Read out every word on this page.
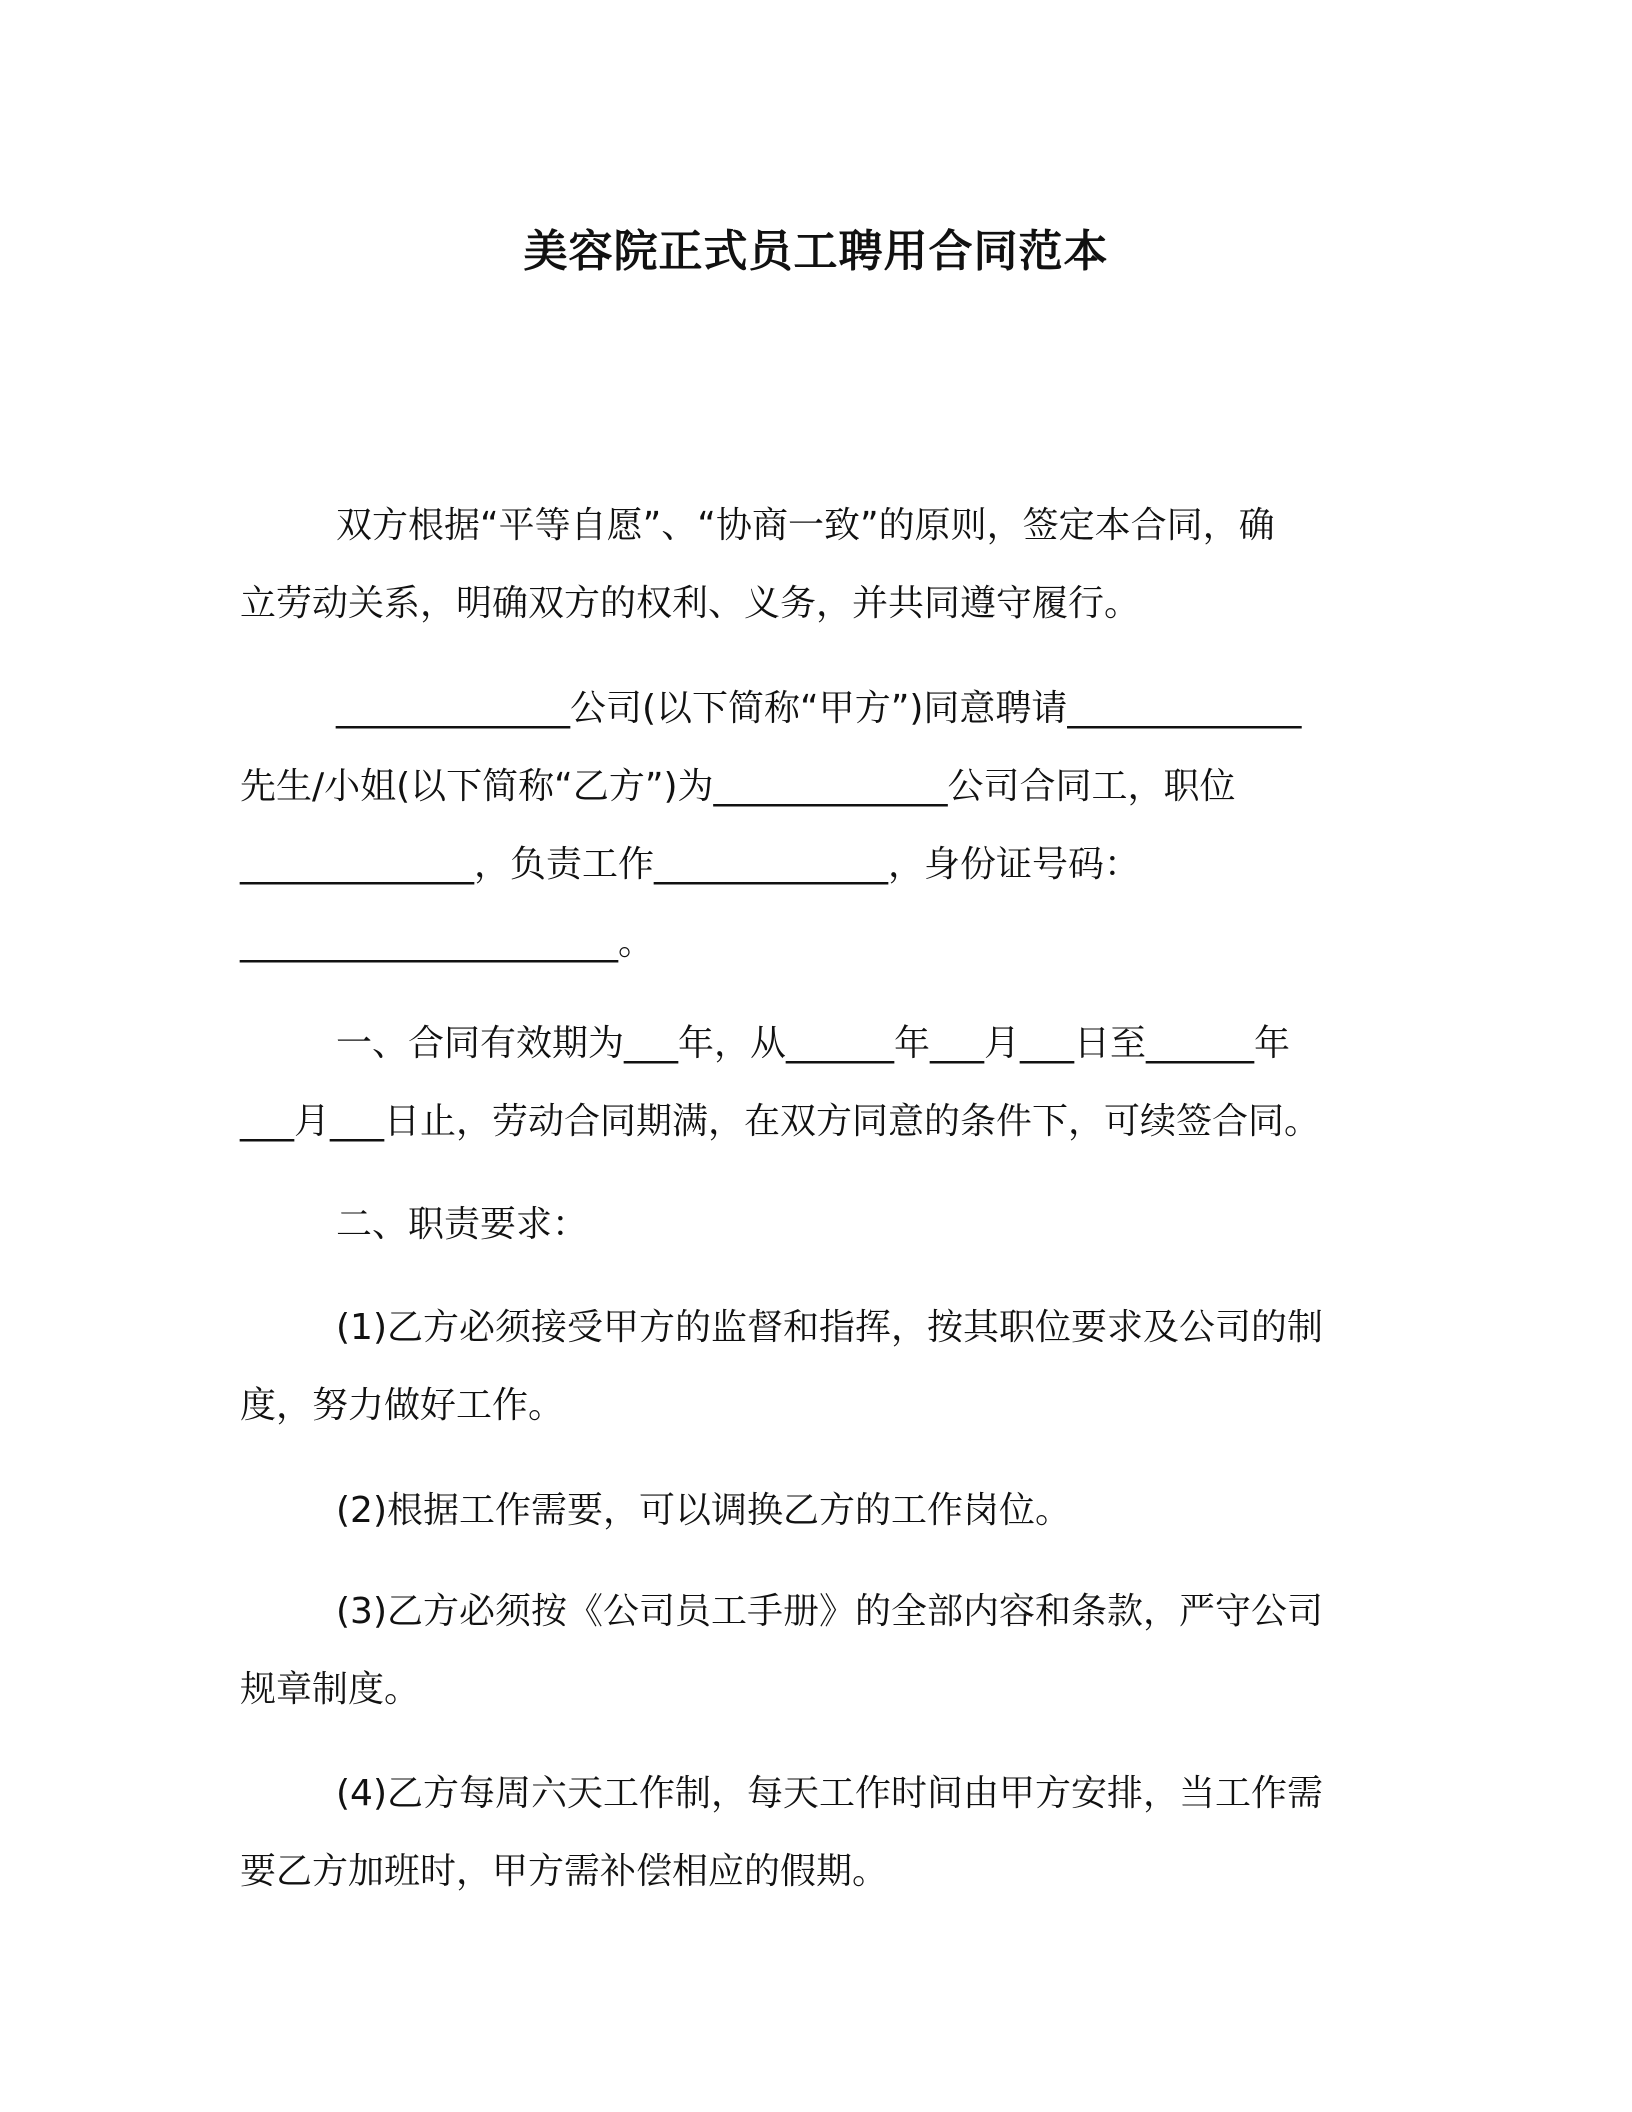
美容院正式员工聘用合同范本
双方根据“平等自愿”、“协商一致”的原则，签定本合同，确
立劳动关系，明确双方的权利、义务，并共同遵守履行。
_____________公司(以下简称“甲方”)同意聘请_____________
先生/小姐(以下简称“乙方”)为_____________公司合同工，职位
_____________，负责工作_____________，身份证号码：
_____________________。
一、合同有效期为___年，从______年___月___日至______年
___月___日止，劳动合同期满，在双方同意的条件下，可续签合同。
二、职责要求：
(1)乙方必须接受甲方的监督和指挥，按其职位要求及公司的制
度，努力做好工作。
(2)根据工作需要，可以调换乙方的工作岗位。
(3)乙方必须按《公司员工手册》的全部内容和条款，严守公司
规章制度。
(4)乙方每周六天工作制，每天工作时间由甲方安排，当工作需
要乙方加班时，甲方需补偿相应的假期。
